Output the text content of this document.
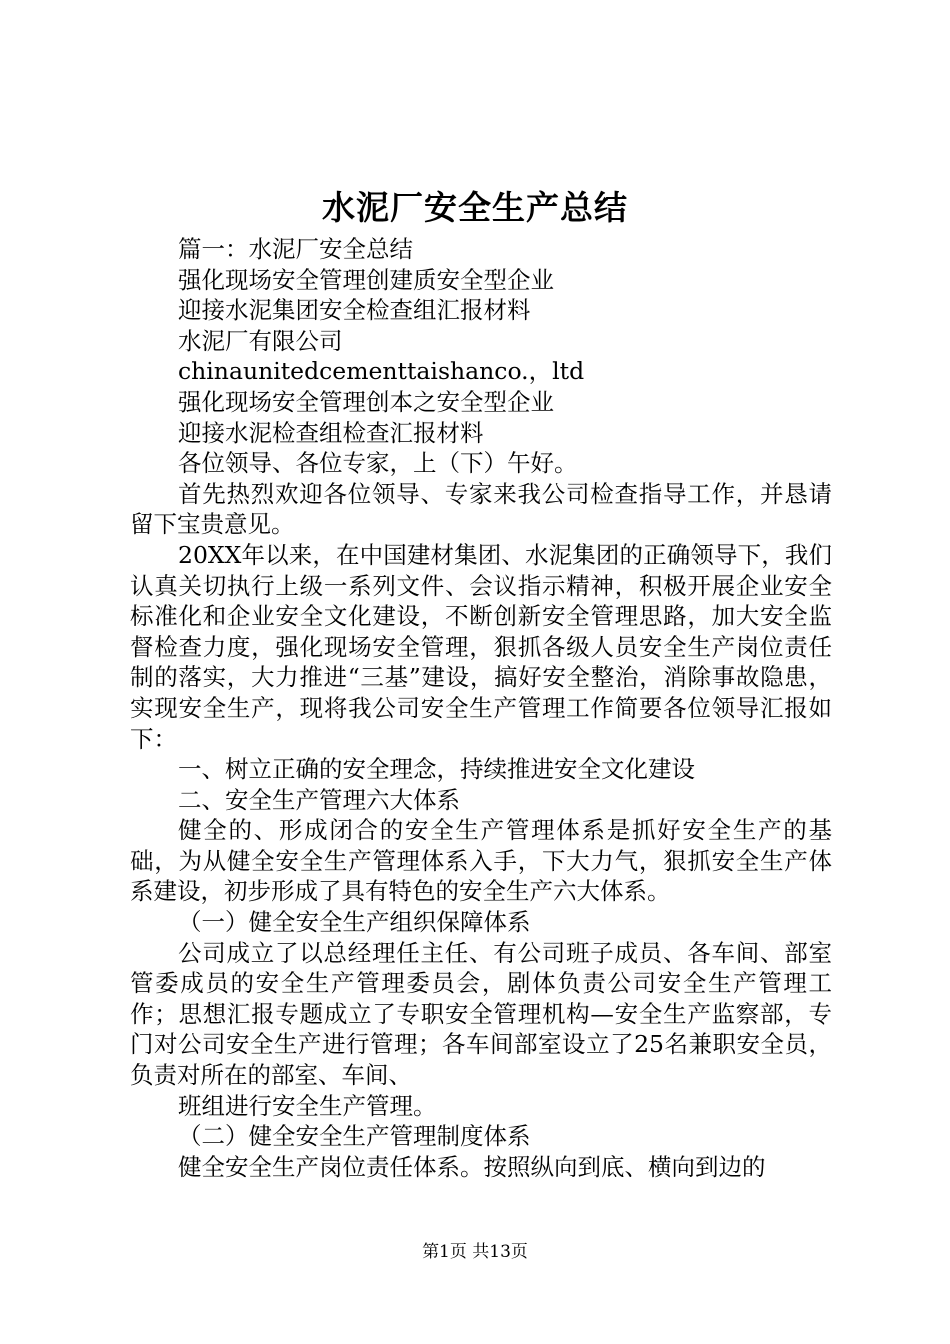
水泥厂安全生产总结

篇一：水泥厂安全总结

强化现场安全管理创建质安全型企业

迎接水泥集团安全检查组汇报材料

水泥厂有限公司

chinaunitedcementtaishanco.，ltd

强化现场安全管理创本之安全型企业

迎接水泥检查组检查汇报材料

各位领导、各位专家，上（下）午好。

首先热烈欢迎各位领导、专家来我公司检查指导工作，并恳请留下宝贵意见。

20XX年以来，在中国建材集团、水泥集团的正确领导下，我们认真关切执行上级一系列文件、会议指示精神，积极开展企业安全标准化和企业安全文化建设，不断创新安全管理思路，加大安全监督检查力度，强化现场安全管理，狠抓各级人员安全生产岗位责任制的落实，大力推进“三基”建设，搞好安全整治，消除事故隐患，实现安全生产，现将我公司安全生产管理工作简要各位领导汇报如下：

一、树立正确的安全理念，持续推进安全文化建设

二、安全生产管理六大体系

健全的、形成闭合的安全生产管理体系是抓好安全生产的基础，为从健全安全生产管理体系入手，下大力气，狠抓安全生产体系建设，初步形成了具有特色的安全生产六大体系。

（一）健全安全生产组织保障体系

公司成立了以总经理任主任、有公司班子成员、各车间、部室管委成员的安全生产管理委员会，剧体负责公司安全生产管理工作；思想汇报专题成立了专职安全管理机构—安全生产监察部，专门对公司安全生产进行管理；各车间部室设立了25名兼职安全员，负责对所在的部室、车间、

班组进行安全生产管理。

（二）健全安全生产管理制度体系

健全安全生产岗位责任体系。按照纵向到底、横向到边的

第1页 共13页
